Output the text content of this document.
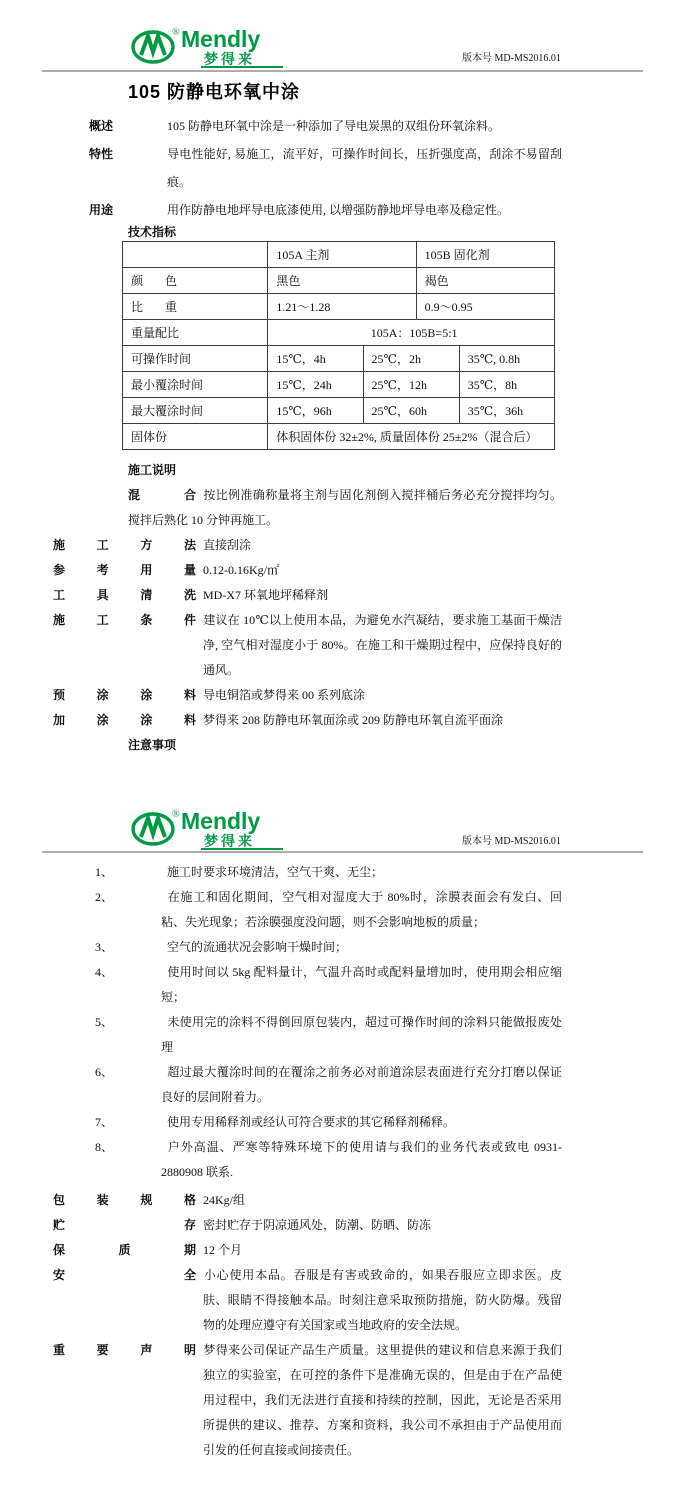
® Mendly
梦得来	版本号 MD-MS2016.01
105 防静电环氧中涂

概述	105 防静电环氧中涂是一种添加了导电炭黑的双组份环氧涂料。

特性	导电性能好, 易施工，流平好，可操作时间长，压折强度高，刮涂不易留刮痕。

用途	用作防静电地坪导电底漆使用, 以增强防静地坪导电率及稳定性。

技术指标

	105A 主剂		105B 固化剂	
颜色	黑色		褐色	
比重	1.21～1.28		0.9～0.95	
重量配比	105A：105B=5:1			
可操作时间	15℃，4h	25℃，2h		35℃, 0.8h
最小覆涂时间	15℃，24h	25℃，12h		35℃，8h
最大覆涂时间	15℃，96h	25℃，60h		35℃，36h
固体份	体积固体份 32±2%, 质量固体份 25±2%（混合后）			

施工说明

混合 按比例准确称量将主剂与固化剂倒入搅拌桶后务必充分搅拌均匀。搅拌后熟化 10 分钟再施工。

施工方法 直接刮涂

参考用量 0.12-0.16Kg/㎡

工具清洗 MD-X7 环氧地坪稀释剂

施工条件 建议在 10℃以上使用本品，为避免水汽凝结，要求施工基面干燥洁净, 空气相对湿度小于 80%。在施工和干燥期过程中，应保持良好的通风。

预涂涂料 导电铜箔或梦得来 00 系列底涂

加涂涂料 梦得来 208 防静电环氧面涂或 209 防静电环氧自流平面涂

注意事项

® Mendly
梦得来	版本号 MD-MS2016.01

1、	施工时要求环境清洁，空气干爽、无尘；

2、	在施工和固化期间，空气相对湿度大于 80%时，涂膜表面会有发白、回粘、失光现象；若涂膜强度没问题，则不会影响地板的质量；

3、	空气的流通状况会影响干燥时间；

4、	使用时间以 5kg 配料量计，气温升高时或配料量增加时，使用期会相应缩短；

5、	未使用完的涂料不得倒回原包装内，超过可操作时间的涂料只能做报废处理

6、	超过最大覆涂时间的在覆涂之前务必对前道涂层表面进行充分打磨以保证良好的层间附着力。

7、	使用专用稀释剂或经认可符合要求的其它稀释剂稀释。

8、	户外高温、严寒等特殊环境下的使用请与我们的业务代表或致电 0931-2880908 联系.

包装规格 24Kg/组

贮存 密封贮存于阴凉通风处，防潮、防晒、防冻

保质期 12 个月

安全 小心使用本品。吞服是有害或致命的，如果吞服应立即求医。皮肤、眼睛不得接触本品。时刻注意采取预防措施，防火防爆。残留物的处理应遵守有关国家或当地政府的安全法规。

重要声明 梦得来公司保证产品生产质量。这里提供的建议和信息来源于我们独立的实验室，在可控的条件下是准确无误的，但是由于在产品使用过程中，我们无法进行直接和持续的控制，因此，无论是否采用所提供的建议、推荐、方案和资料，我公司不承担由于产品使用而引发的任何直接或间接责任。
